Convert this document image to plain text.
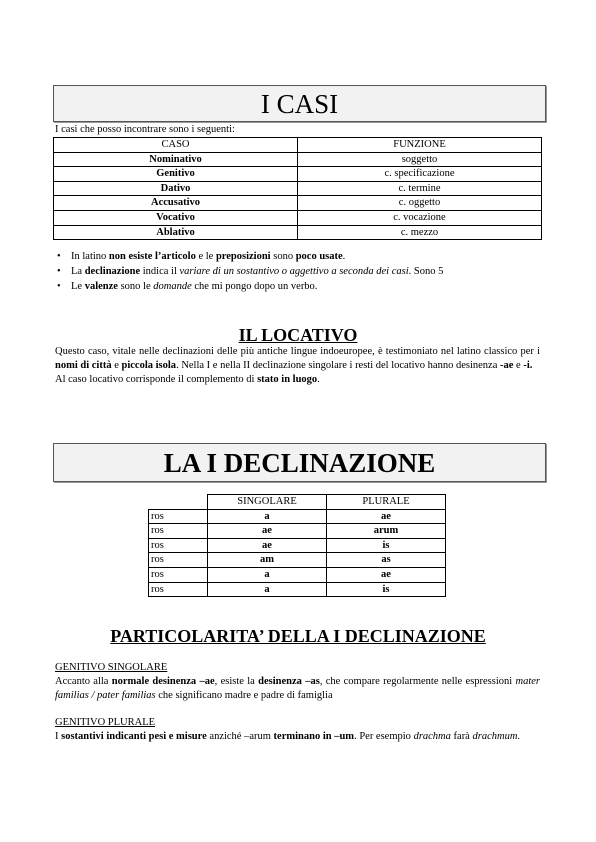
I CASI
I casi che posso incontrare sono i seguenti:
CASO	FUNZIONE
Nominativo	soggetto
Genitivo	c. specificazione
Dativo	c. termine
Accusativo	c. oggetto
Vocativo	c. vocazione
Ablativo	c. mezzo
• In latino non esiste l’articolo e le preposizioni sono poco usate.
• La declinazione indica il variare di un sostantivo o aggettivo a seconda dei casi. Sono 5
• Le valenze sono le domande che mi pongo dopo un verbo.
IL LOCATIVO
Questo caso, vitale nelle declinazioni delle più antiche lingue indoeuropee, è testimoniato nel latino classico per i nomi di città e piccola isola. Nella I e nella II declinazione singolare i resti del locativo hanno desinenza -ae e -i.
Al caso locativo corrisponde il complemento di stato in luogo.
LA I DECLINAZIONE
	SINGOLARE	PLURALE
ros	a	ae
ros	ae	arum
ros	ae	is
ros	am	as
ros	a	ae
ros	a	is
PARTICOLARITA’ DELLA I DECLINAZIONE
GENITIVO SINGOLARE
Accanto alla normale desinenza –ae, esiste la desinenza –as, che compare regolarmente nelle espressioni mater familias / pater familias che significano madre e padre di famiglia
GENITIVO PLURALE
I sostantivi indicanti pesi e misure anziché –arum terminano in –um. Per esempio drachma farà drachmum.
